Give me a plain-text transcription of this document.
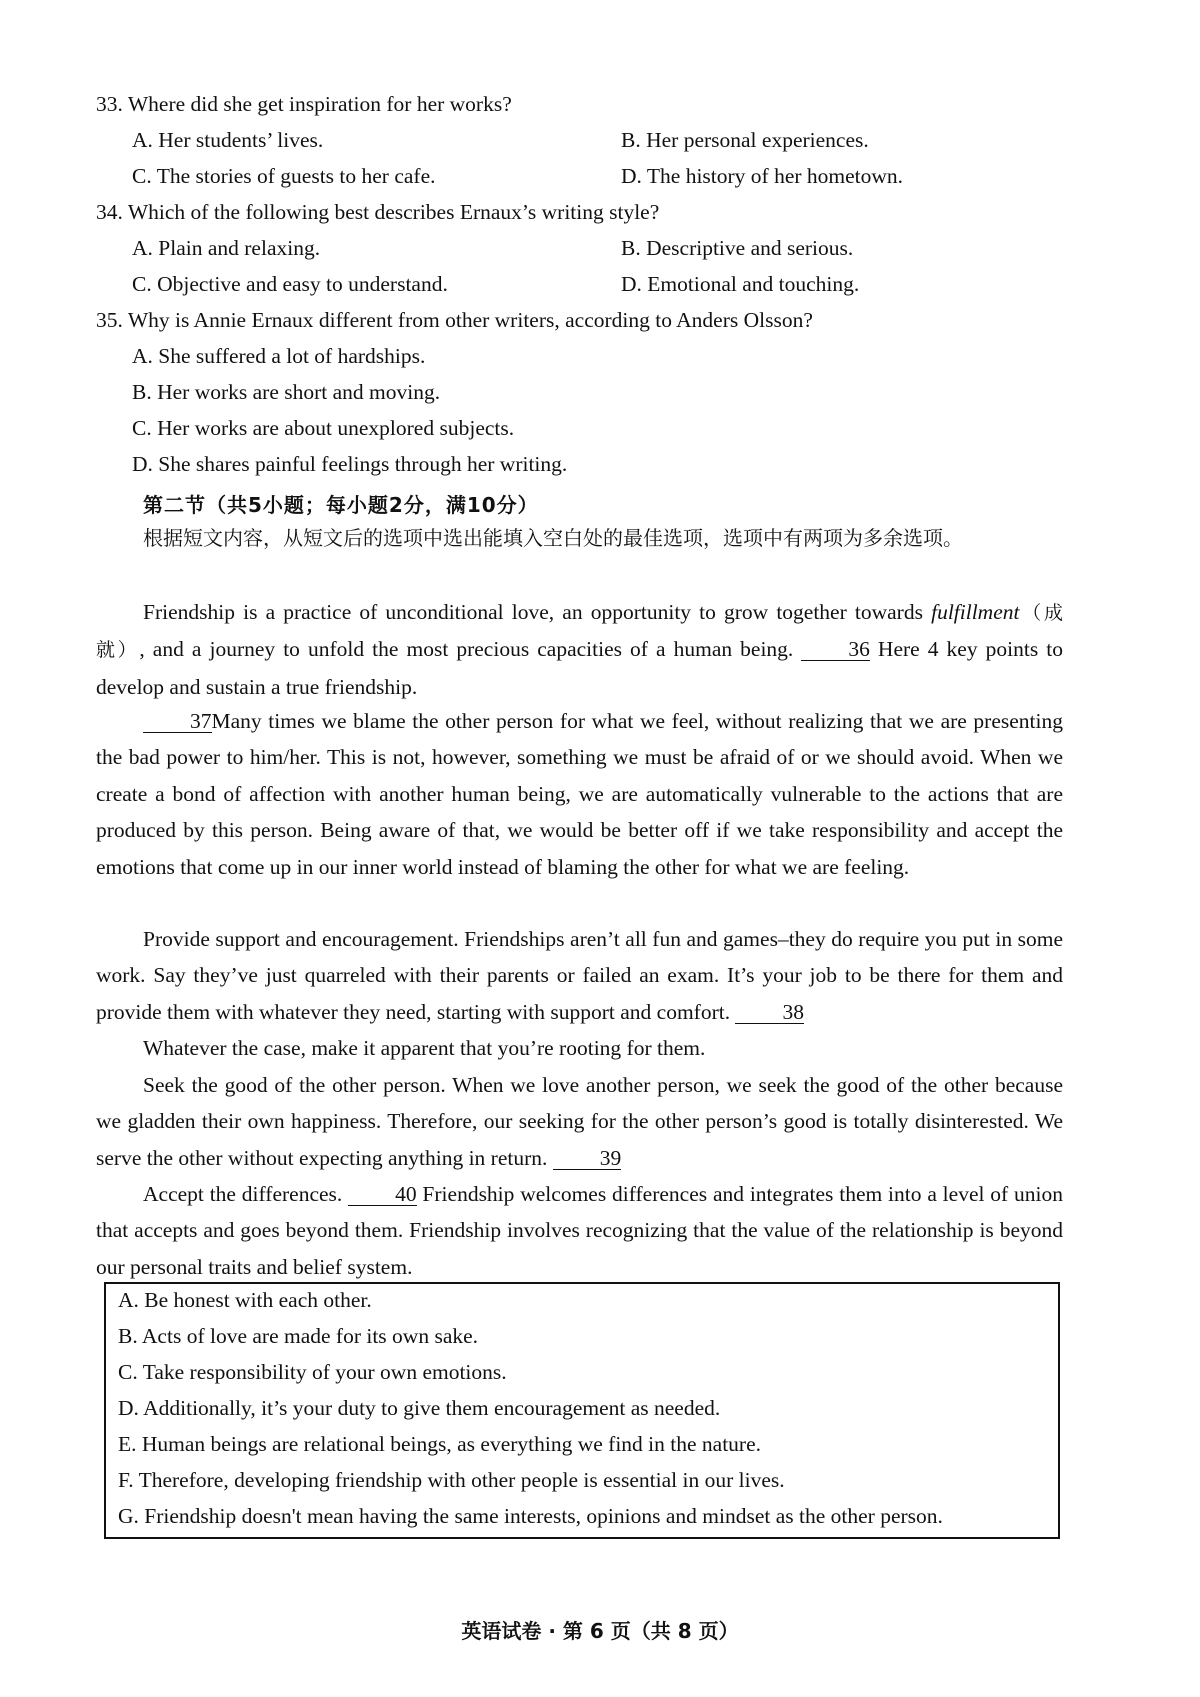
33. Where did she get inspiration for her works?
A. Her students’ lives.	B. Her personal experiences.
C. The stories of guests to her cafe.	D. The history of her hometown.
34. Which of the following best describes Ernaux’s writing style?
A. Plain and relaxing.	B. Descriptive and serious.
C. Objective and easy to understand.	D. Emotional and touching.
35. Why is Annie Ernaux different from other writers, according to Anders Olsson?
A. She suffered a lot of hardships.
B. Her works are short and moving.
C. Her works are about unexplored subjects.
D. She shares painful feelings through her writing.
第二节（共5小题；每小题2分，满10分）
根据短文内容，从短文后的选项中选出能填入空白处的最佳选项，选项中有两项为多余选项。
Friendship is a practice of unconditional love, an opportunity to grow together towards fulfillment（成就）, and a journey to unfold the most precious capacities of a human being. 36 Here 4 key points to develop and sustain a true friendship.
37Many times we blame the other person for what we feel, without realizing that we are presenting the bad power to him/her. This is not, however, something we must be afraid of or we should avoid. When we create a bond of affection with another human being, we are automatically vulnerable to the actions that are produced by this person. Being aware of that, we would be better off if we take responsibility and accept the emotions that come up in our inner world instead of blaming the other for what we are feeling.
Provide support and encouragement. Friendships aren’t all fun and games–they do require you put in some work. Say they’ve just quarreled with their parents or failed an exam. It’s your job to be there for them and provide them with whatever they need, starting with support and comfort. 38
Whatever the case, make it apparent that you’re rooting for them.
Seek the good of the other person. When we love another person, we seek the good of the other because we gladden their own happiness. Therefore, our seeking for the other person’s good is totally disinterested. We serve the other without expecting anything in return. 39
Accept the differences. 40 Friendship welcomes differences and integrates them into a level of union that accepts and goes beyond them. Friendship involves recognizing that the value of the relationship is beyond our personal traits and belief system.
A. Be honest with each other.
B. Acts of love are made for its own sake.
C. Take responsibility of your own emotions.
D. Additionally, it’s your duty to give them encouragement as needed.
E. Human beings are relational beings, as everything we find in the nature.
F. Therefore, developing friendship with other people is essential in our lives.
G. Friendship doesn't mean having the same interests, opinions and mindset as the other person.
英语试卷 · 第 6 页（共 8 页）
